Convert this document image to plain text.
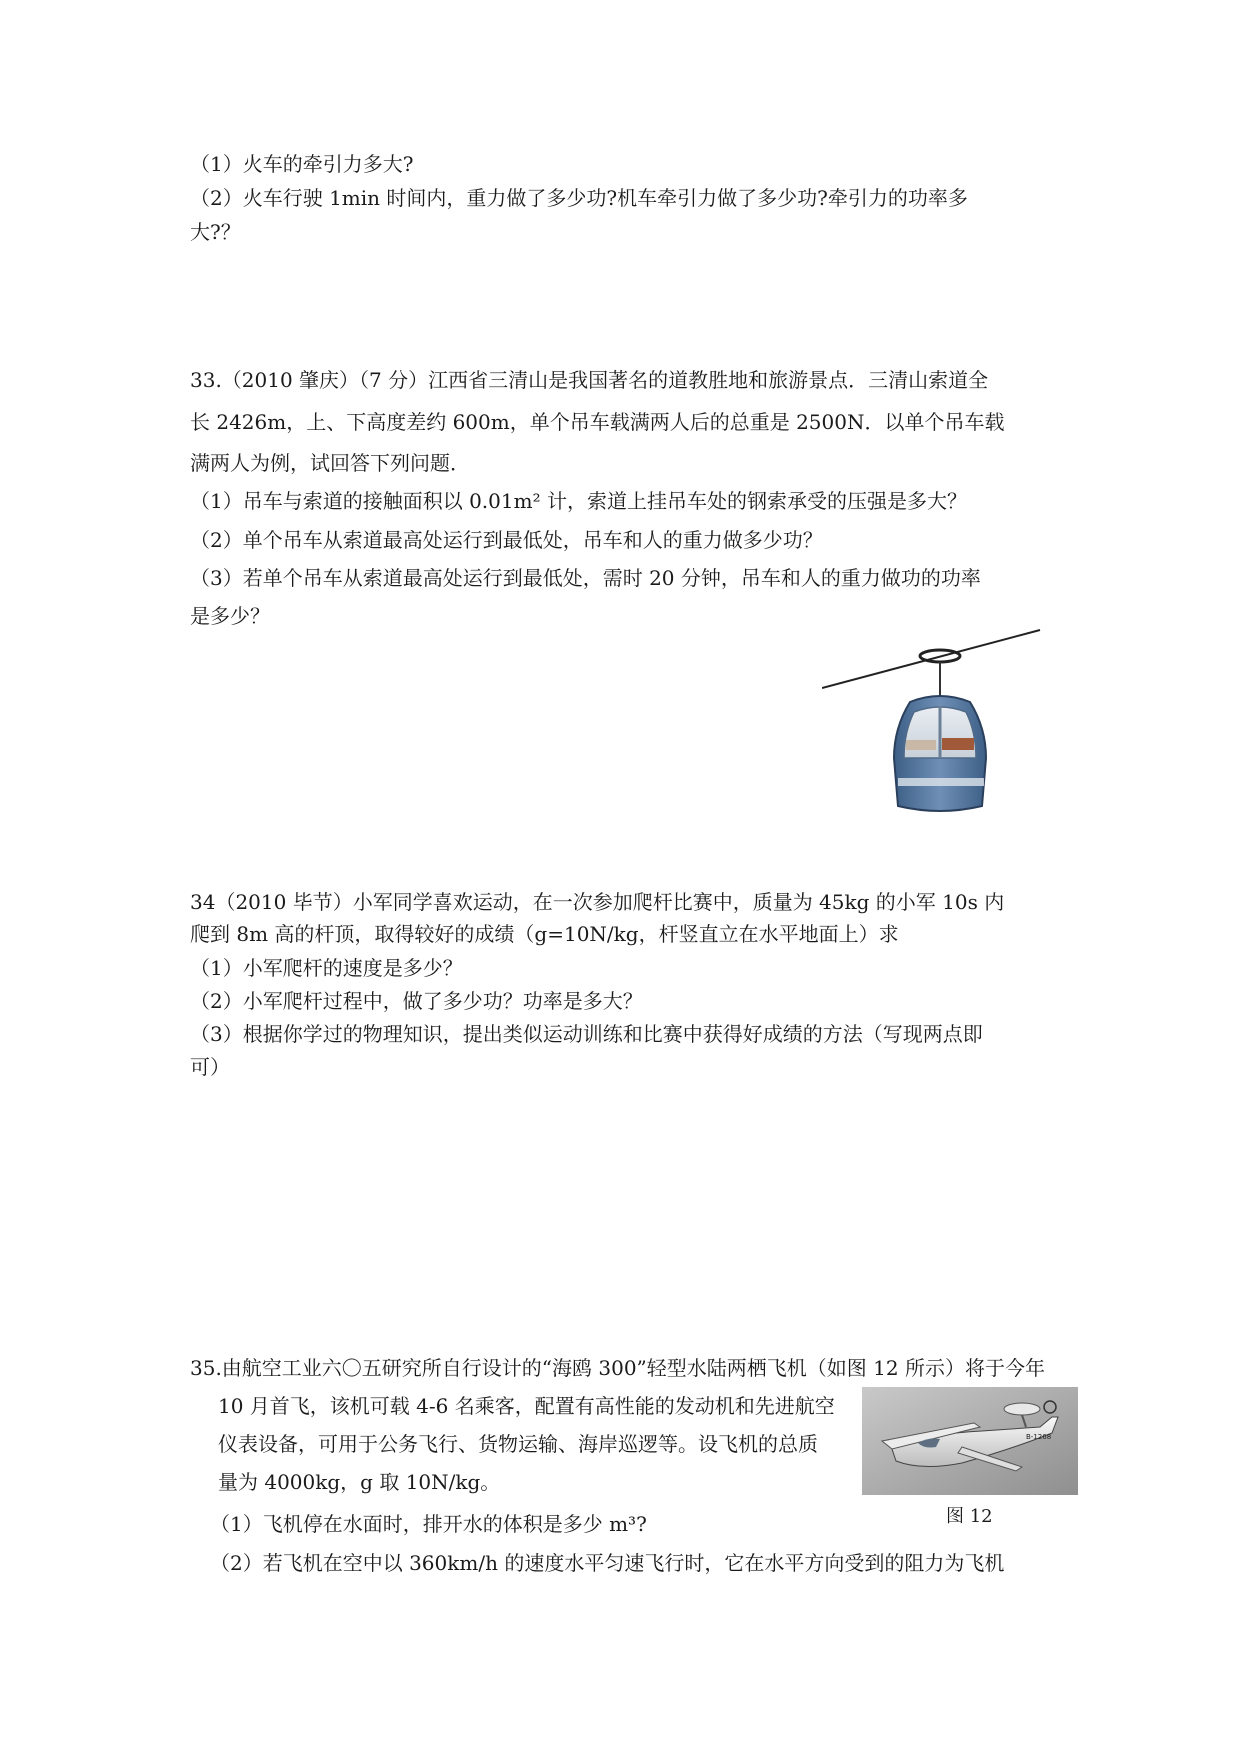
（1）火车的牵引力多大?
（2）火车行驶 1min 时间内，重力做了多少功?机车牵引力做了多少功?牵引力的功率多
大?？
33.（2010 肇庆）（7 分）江西省三清山是我国著名的道教胜地和旅游景点．三清山索道全
长 2426m，上、下高度差约 600m，单个吊车载满两人后的总重是 2500N．以单个吊车载
满两人为例，试回答下列问题．
（1）吊车与索道的接触面积以 0.01m² 计，索道上挂吊车处的钢索承受的压强是多大？
（2）单个吊车从索道最高处运行到最低处，吊车和人的重力做多少功？
（3）若单个吊车从索道最高处运行到最低处，需时 20 分钟，吊车和人的重力做功的功率
是多少？
34（2010 毕节）小军同学喜欢运动，在一次参加爬杆比赛中，质量为 45kg 的小军 10s 内
爬到 8m 高的杆顶，取得较好的成绩（g=10N/kg，杆竖直立在水平地面上）求
（1）小军爬杆的速度是多少？
（2）小军爬杆过程中，做了多少功？功率是多大？
（3）根据你学过的物理知识，提出类似运动训练和比赛中获得好成绩的方法（写现两点即
可）
35.由航空工业六〇五研究所自行设计的“海鸥 300”轻型水陆两栖飞机（如图 12 所示）将于今年
10 月首飞，该机可载 4-6 名乘客，配置有高性能的发动机和先进航空
仪表设备，可用于公务飞行、货物运输、海岸巡逻等。设飞机的总质
量为 4000kg，g 取 10N/kg。
（1）飞机停在水面时，排开水的体积是多少 m³?
（2）若飞机在空中以 360km/h 的速度水平匀速飞行时，它在水平方向受到的阻力为飞机
B-1268
图 12
